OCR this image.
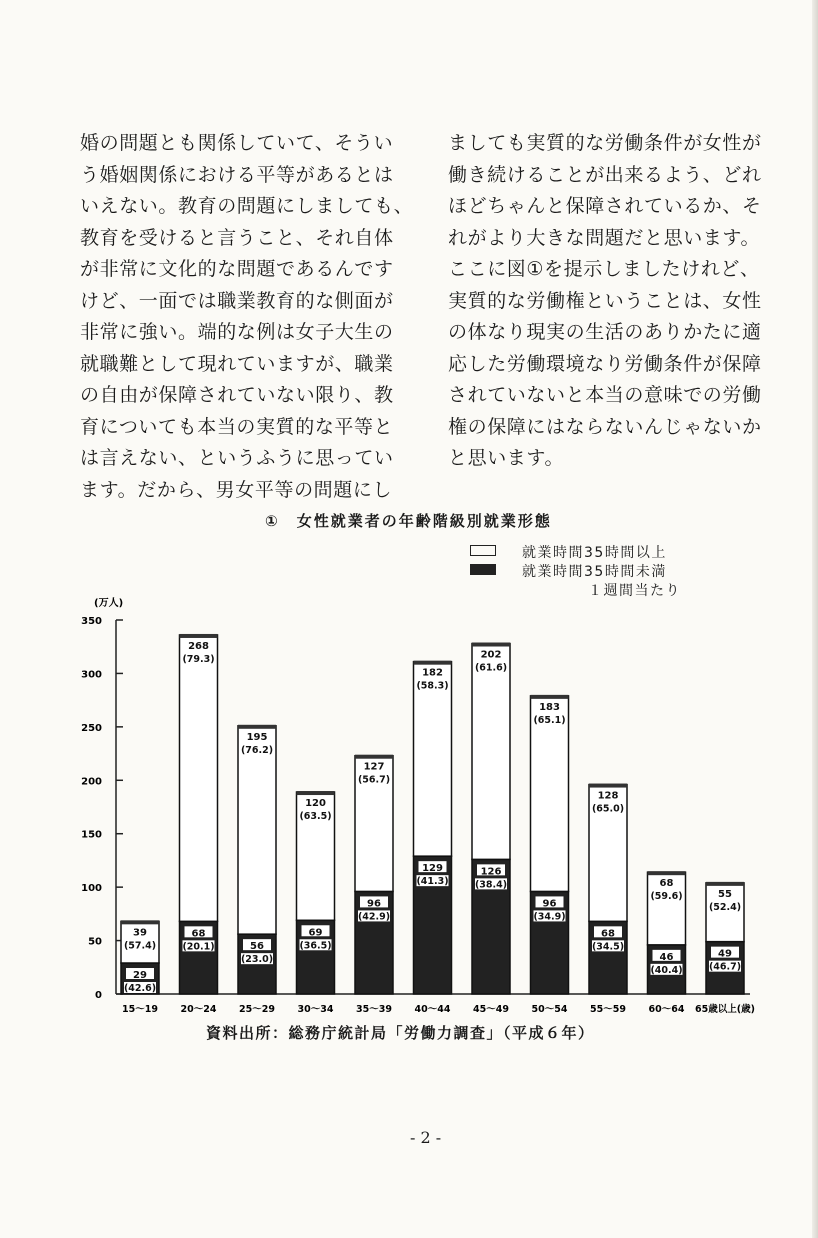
婚の問題とも関係していて、そうい
う婚姻関係における平等があるとは
いえない。教育の問題にしましても、
教育を受けると言うこと、それ自体
が非常に文化的な問題であるんです
けど、一面では職業教育的な側面が
非常に強い。端的な例は女子大生の
就職難として現れていますが、職業
の自由が保障されていない限り、教
育についても本当の実質的な平等と
は言えない、というふうに思ってい
ます。だから、男女平等の問題にし
ましても実質的な労働条件が女性が
働き続けることが出来るよう、どれ
ほどちゃんと保障されているか、そ
れがより大きな問題だと思います。
ここに図①を提示しましたけれど、
実質的な労働権ということは、女性
の体なり現実の生活のありかたに適
応した労働環境なり労働条件が保障
されていないと本当の意味での労働
権の保障にはならないんじゃないか
と思います。
①　女性就業者の年齢階級別就業形態
就業時間35時間以上
就業時間35時間未満
１週間当たり
(万人)
0
50
100
150
200
250
300
350
39
(57.4)
29
(42.6)
15～19
268
(79.3)
68
(20.1)
20～24
195
(76.2)
56
(23.0)
25～29
120
(63.5)
69
(36.5)
30～34
127
(56.7)
96
(42.9)
35～39
182
(58.3)
129
(41.3)
40～44
202
(61.6)
126
(38.4)
45～49
183
(65.1)
96
(34.9)
50～54
128
(65.0)
68
(34.5)
55～59
68
(59.6)
46
(40.4)
60～64
55
(52.4)
49
(46.7)
65歳以上(歳)
資料出所：総務庁統計局「労働力調査」（平成６年）
- 2 -
